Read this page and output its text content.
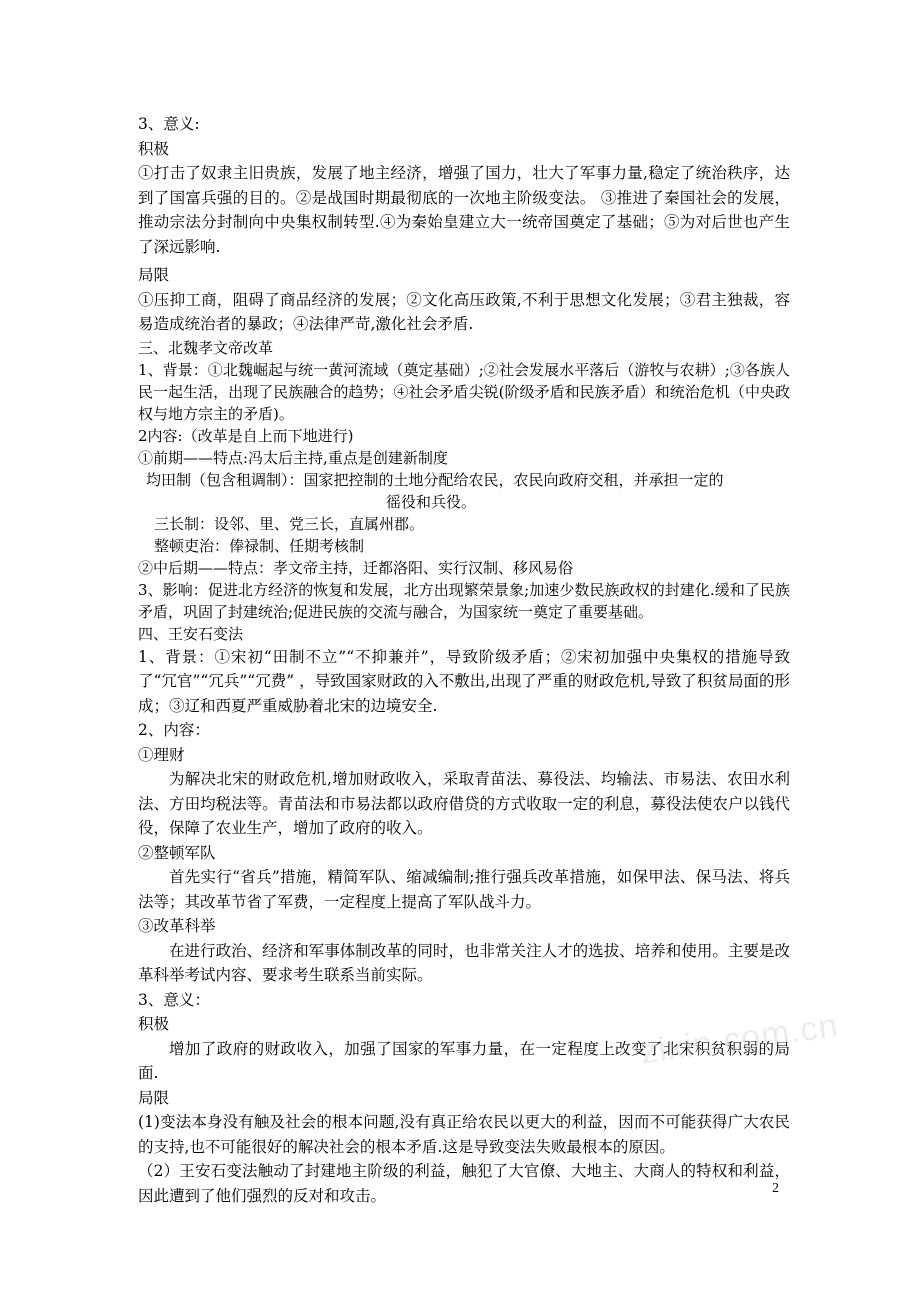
3、意义:

积极

①打击了奴隶主旧贵族，发展了地主经济，增强了国力，壮大了军事力量,稳定了统治秩序，达到了国富兵强的目的。②是战国时期最彻底的一次地主阶级变法。 ③推进了秦国社会的发展，推动宗法分封制向中央集权制转型.④为秦始皇建立大一统帝国奠定了基础；⑤为对后世也产生了深远影响.

局限

①压抑工商，阻碍了商品经济的发展；②文化高压政策,不利于思想文化发展；③君主独裁，容易造成统治者的暴政；④法律严苛,激化社会矛盾.

三、北魏孝文帝改革

1、背景：①北魏崛起与统一黄河流域（奠定基础）;②社会发展水平落后（游牧与农耕）;③各族人民一起生活，出现了民族融合的趋势；④社会矛盾尖锐(阶级矛盾和民族矛盾）和统治危机（中央政权与地方宗主的矛盾)。

2内容:（改革是自上而下地进行)

①前期——特点:冯太后主持,重点是创建新制度

均田制（包含租调制）：国家把控制的土地分配给农民，农民向政府交租，并承担一定的

徭役和兵役。

三长制：设邻、里、党三长，直属州郡。

整顿吏治：俸禄制、任期考核制

②中后期——特点：孝文帝主持，迁都洛阳、实行汉制、移风易俗

3、影响：促进北方经济的恢复和发展，北方出现繁荣景象;加速少数民族政权的封建化.缓和了民族矛盾，巩固了封建统治;促进民族的交流与融合，为国家统一奠定了重要基础。

四、王安石变法

1、背景：①宋初“田制不立”“不抑兼并”，导致阶级矛盾；②宋初加强中央集权的措施导致了“冗官”“冗兵”“冗费” ，导致国家财政的入不敷出,出现了严重的财政危机,导致了积贫局面的形成；③辽和西夏严重威胁着北宋的边境安全.

2、内容：

①理财

为解决北宋的财政危机,增加财政收入，采取青苗法、募役法、均输法、市易法、农田水利法、方田均税法等。青苗法和市易法都以政府借贷的方式收取一定的利息，募役法使农户以钱代役，保障了农业生产，增加了政府的收入。

②整顿军队

首先实行“省兵”措施，精简军队、缩减编制;推行强兵改革措施，如保甲法、保马法、将兵法等；其改革节省了军费，一定程度上提高了军队战斗力。

③改革科举

在进行政治、经济和军事体制改革的同时，也非常关注人才的选拔、培养和使用。主要是改革科举考试内容、要求考生联系当前实际。

3、意义：

积极

增加了政府的财政收入，加强了国家的军事力量，在一定程度上改变了北宋积贫积弱的局面.

局限

(1)变法本身没有触及社会的根本问题,没有真正给农民以更大的利益，因而不可能获得广大农民的支持,也不可能很好的解决社会的根本矛盾.这是导致变法失败最根本的原因。

（2）王安石变法触动了封建地主阶级的利益，触犯了大官僚、大地主、大商人的特权和利益，因此遭到了他们强烈的反对和攻击。

zixin.com.cn
2
